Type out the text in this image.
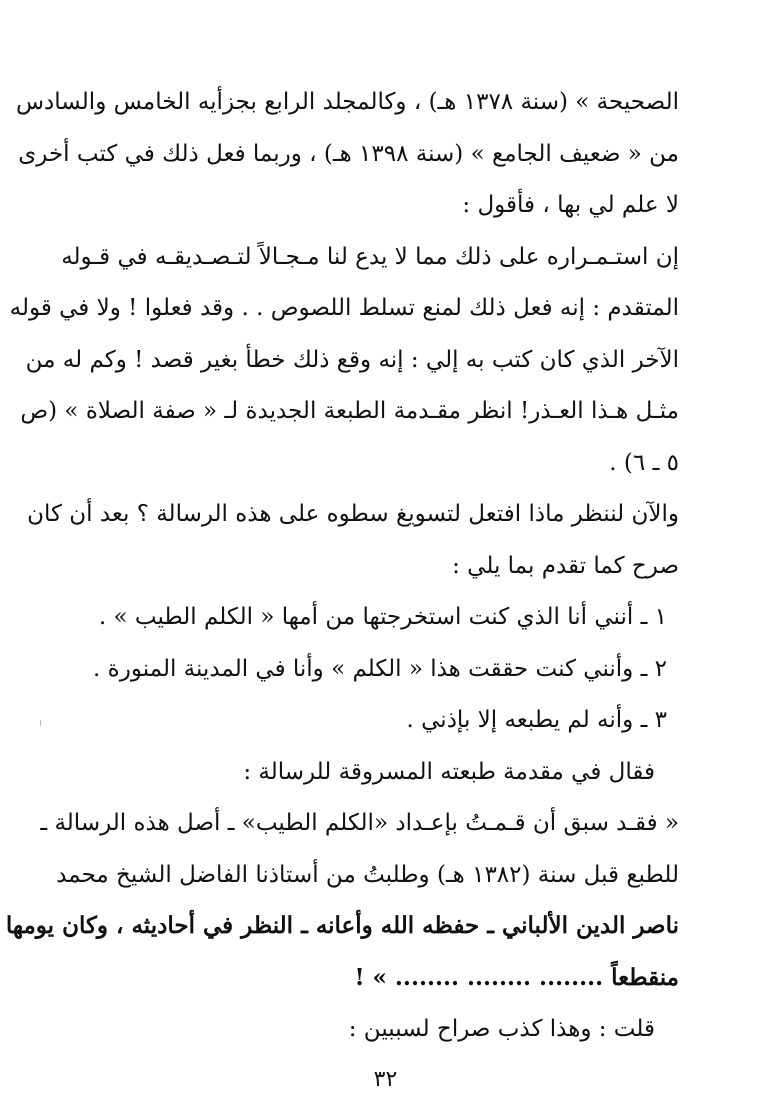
الصحيحة » (سنة ١٣٧٨ هـ) ، وكالمجلد الرابع بجزأيه الخامس والسادس
من « ضعيف الجامع » (سنة ١٣٩٨ هـ) ، وربما فعل ذلك في كتب أخرى
لا علم لي بها ، فأقول :
إن استـمـراره على ذلك مما لا يدع لنا مـجـالاً لتـصـديقـه في قـوله
المتقدم : إنه فعل ذلك لمنع تسلط اللصوص . . وقد فعلوا ! ولا في قوله
الآخر الذي كان كتب به إلي : إنه وقع ذلك خطأ بغير قصد ! وكم له من
مثـل هـذا العـذر! انظر مقـدمة الطبعة الجديدة لـ « صفة الصلاة » (ص
٥ ـ ٦) .
والآن لننظر ماذا افتعل لتسويغ سطوه على هذه الرسالة ؟ بعد أن كان
صرح كما تقدم بما يلي :
١ ـ أنني أنا الذي كنت استخرجتها من أمها « الكلم الطيب » .
٢ ـ وأنني كنت حققت هذا « الكلم » وأنا في المدينة المنورة .
٣ ـ وأنه لم يطبعه إلا بإذني .
فقال في مقدمة طبعته المسروقة للرسالة :
« فقـد سبق أن قـمـتُ بإعـداد «الكلم الطيب» ـ أصل هذه الرسالة ـ
للطبع قبل سنة (١٣٨٢ هـ) وطلبتُ من أستاذنا الفاضل الشيخ محمد
ناصر الدين الألباني ـ حفظه الله وأعانه ـ النظر في أحاديثه ، وكان يومها
منقطعاً ........ ........ ........ » !
قلت : وهذا كذب صراح لسببين :
٣٢
